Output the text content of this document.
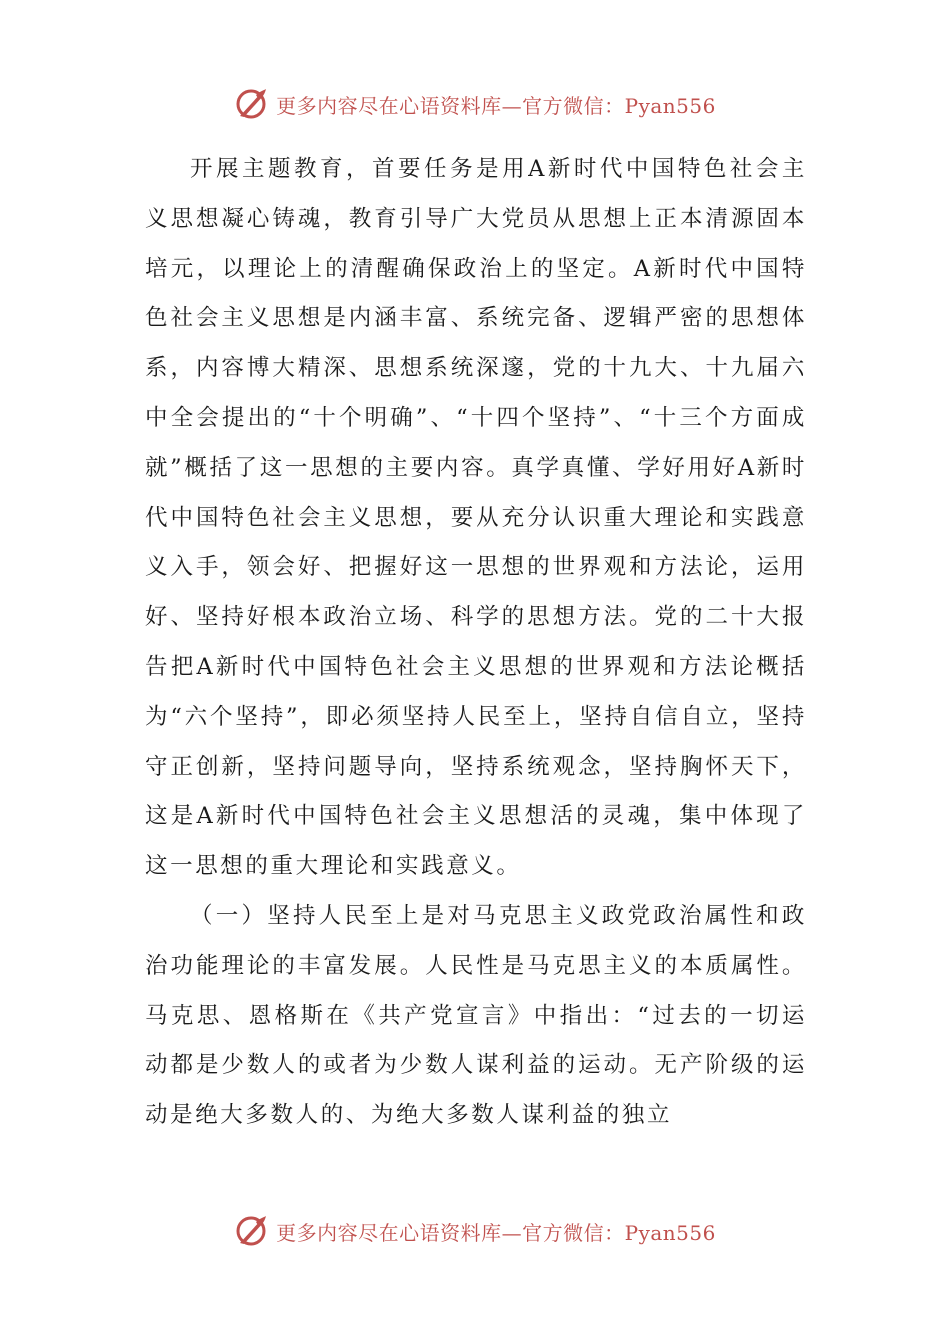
更多内容尽在心语资料库—官方微信：Pyan556

开展主题教育，首要任务是用A新时代中国特色社会主义思想凝心铸魂，教育引导广大党员从思想上正本清源固本培元，以理论上的清醒确保政治上的坚定。A新时代中国特色社会主义思想是内涵丰富、系统完备、逻辑严密的思想体系，内容博大精深、思想系统深邃，党的十九大、十九届六中全会提出的“十个明确”、“十四个坚持”、“十三个方面成就”概括了这一思想的主要内容。真学真懂、学好用好A新时代中国特色社会主义思想，要从充分认识重大理论和实践意义入手，领会好、把握好这一思想的世界观和方法论，运用好、坚持好根本政治立场、科学的思想方法。党的二十大报告把A新时代中国特色社会主义思想的世界观和方法论概括为“六个坚持”，即必须坚持人民至上，坚持自信自立，坚持守正创新，坚持问题导向，坚持系统观念，坚持胸怀天下，这是A新时代中国特色社会主义思想活的灵魂，集中体现了这一思想的重大理论和实践意义。

（一）坚持人民至上是对马克思主义政党政治属性和政治功能理论的丰富发展。人民性是马克思主义的本质属性。马克思、恩格斯在《共产党宣言》中指出：“过去的一切运动都是少数人的或者为少数人谋利益的运动。无产阶级的运动是绝大多数人的、为绝大多数人谋利益的独立

更多内容尽在心语资料库—官方微信：Pyan556
